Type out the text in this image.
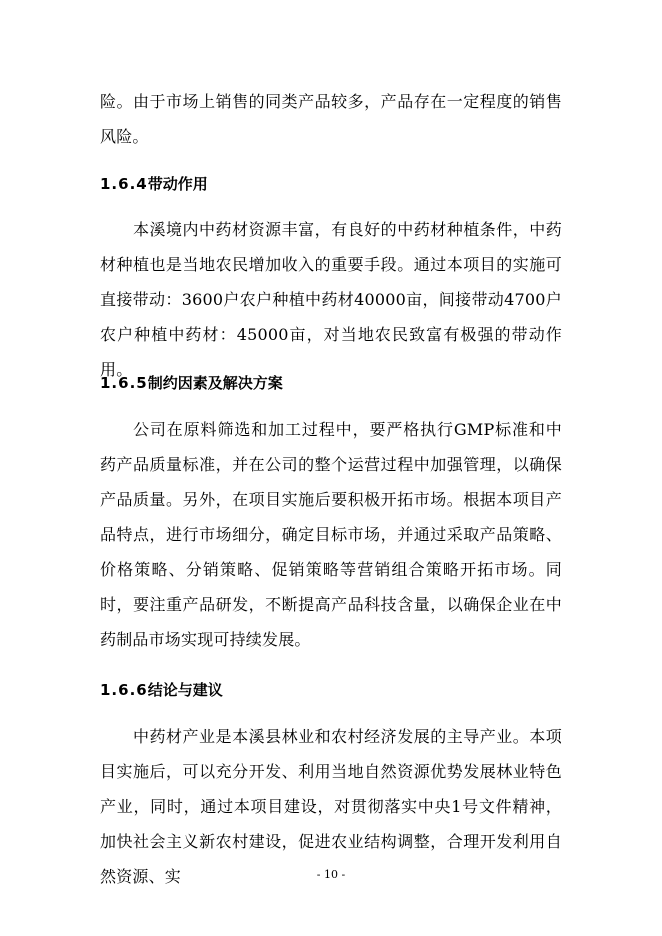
险。由于市场上销售的同类产品较多，产品存在一定程度的销售风险。

1.6.4带动作用

本溪境内中药材资源丰富，有良好的中药材种植条件，中药材种植也是当地农民增加收入的重要手段。通过本项目的实施可直接带动：3600户农户种植中药材40000亩，间接带动4700户农户种植中药材：45000亩，对当地农民致富有极强的带动作用。

1.6.5制约因素及解决方案

公司在原料筛选和加工过程中，要严格执行GMP标准和中药产品质量标准，并在公司的整个运营过程中加强管理，以确保产品质量。另外，在项目实施后要积极开拓市场。根据本项目产品特点，进行市场细分，确定目标市场，并通过采取产品策略、价格策略、分销策略、促销策略等营销组合策略开拓市场。同时，要注重产品研发，不断提高产品科技含量，以确保企业在中药制品市场实现可持续发展。

1.6.6结论与建议

中药材产业是本溪县林业和农村经济发展的主导产业。本项目实施后，可以充分开发、利用当地自然资源优势发展林业特色产业，同时，通过本项目建设，对贯彻落实中央1号文件精神，加快社会主义新农村建设，促进农业结构调整，合理开发利用自然资源、实	- 10 -
